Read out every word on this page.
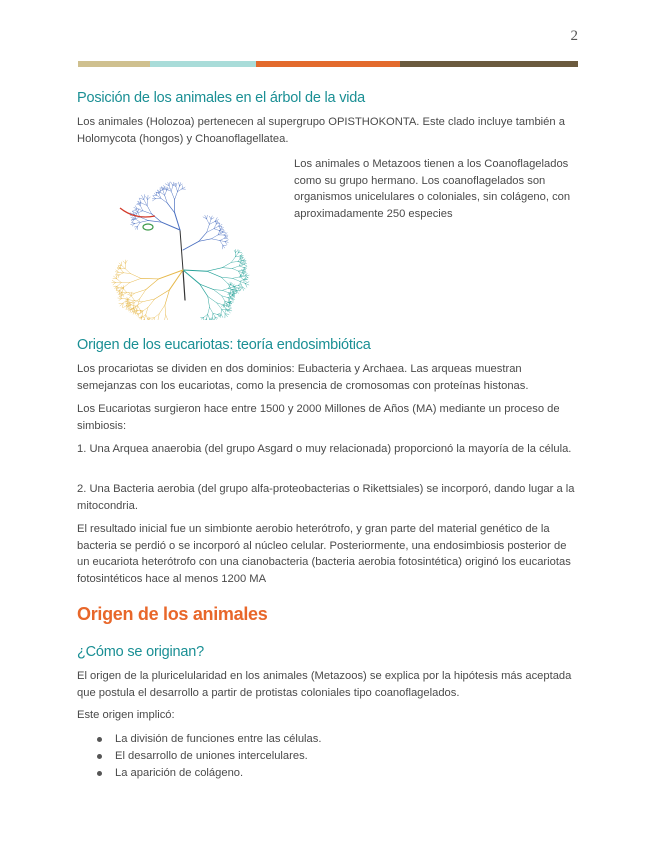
2
Posición de los animales en el árbol de la vida

Los animales (Holozoa) pertenecen al supergrupo OPISTHOKONTA. Este clado incluye también a Holomycota (hongos) y Choanoflagellatea.

Los animales o Metazoos tienen a los Coanoflagelados como su grupo hermano. Los coanoflagelados son organismos unicelulares o coloniales, sin colágeno, con aproximadamente 250 especies

Origen de los eucariotas: teoría endosimbiótica

Los procariotas se dividen en dos dominios: Eubacteria y Archaea. Las arqueas muestran semejanzas con los eucariotas, como la presencia de cromosomas con proteínas histonas.

Los Eucariotas surgieron hace entre 1500 y 2000 Millones de Años (MA) mediante un proceso de simbiosis:

1. Una Arquea anaerobia (del grupo Asgard o muy relacionada) proporcionó la mayoría de la célula.

2. Una Bacteria aerobia (del grupo alfa-proteobacterias o Rikettsiales) se incorporó, dando lugar a la mitocondria.

El resultado inicial fue un simbionte aerobio heterótrofo, y gran parte del material genético de la bacteria se perdió o se incorporó al núcleo celular. Posteriormente, una endosimbiosis posterior de un eucariota heterótrofo con una cianobacteria (bacteria aerobia fotosintética) originó los eucariotas fotosintéticos hace al menos 1200 MA

Origen de los animales
¿Cómo se originan?

El origen de la pluricelularidad en los animales (Metazoos) se explica por la hipótesis más aceptada que postula el desarrollo a partir de protistas coloniales tipo coanoflagelados.

Este origen implicó:

La división de funciones entre las células.
El desarrollo de uniones intercelulares.
La aparición de colágeno.
